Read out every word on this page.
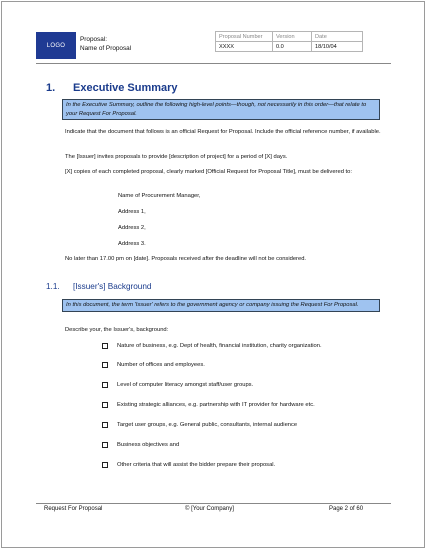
LOGO
Proposal:
Name of Proposal
Proposal Number	Version	Date
XXXX	0.0	18/10/04
1. Executive Summary
In the Executive Summary, outline the following high-level points—though, not necessarily in this order—that relate to your Request For Proposal.
Indicate that the document that follows is an official Request for Proposal. Include the official reference number, if available.
The [Issuer] invites proposals to provide [description of project] for a period of [X] days.
[X] copies of each completed proposal, clearly marked [Official Request for Proposal Title], must be delivered to:
Name of Procurement Manager,
Address 1,
Address 2,
Address 3.
No later than 17.00 pm on [date]. Proposals received after the deadline will not be considered.
1.1. [Issuer's] Background
In this document, the term 'Issuer' refers to the government agency or company issuing the Request For Proposal.
Describe your, the Issuer's, background:
Nature of business, e.g. Dept of health, financial institution, charity organization.
Number of offices and employees.
Level of computer literacy amongst staff/user groups.
Existing strategic alliances, e.g. partnership with IT provider for hardware etc.
Target user groups, e.g. General public, consultants, internal audience
Business objectives and
Other criteria that will assist the bidder prepare their proposal.
Request For Proposal	© [Your Company]	Page 2 of 60
